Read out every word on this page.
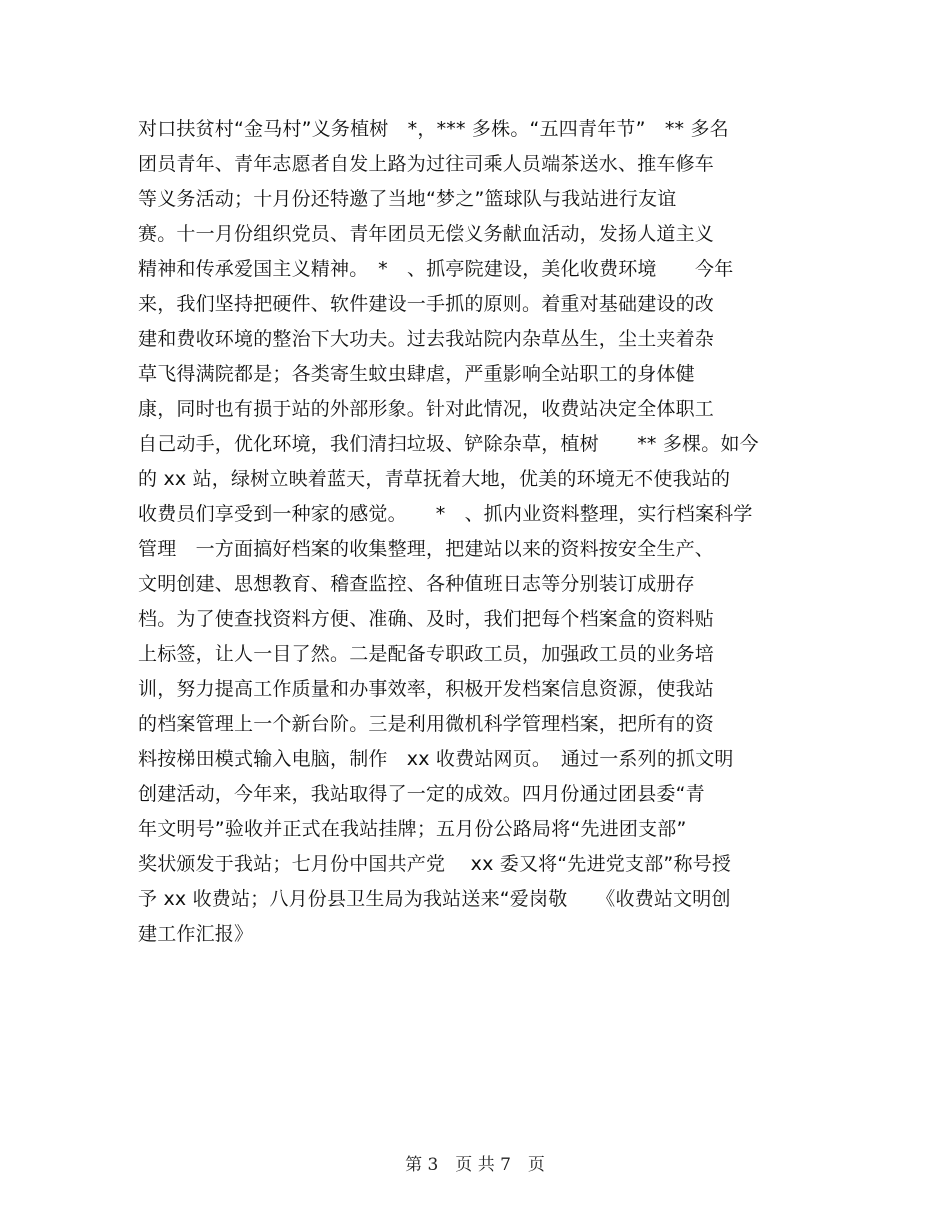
对口扶贫村“金马村”义务植树　*，*** 多株。“五四青年节”　** 多名
团员青年、青年志愿者自发上路为过往司乘人员端茶送水、推车修车
等义务活动；十月份还特邀了当地“梦之”篮球队与我站进行友谊
赛。十一月份组织党员、青年团员无偿义务献血活动，发扬人道主义
精神和传承爱国主义精神。　*　、抓亭院建设，美化收费环境　　今年
来，我们坚持把硬件、软件建设一手抓的原则。着重对基础建设的改
建和费收环境的整治下大功夫。过去我站院内杂草丛生，尘土夹着杂
草飞得满院都是；各类寄生蚊虫肆虐，严重影响全站职工的身体健
康，同时也有损于站的外部形象。针对此情况，收费站决定全体职工
自己动手，优化环境，我们清扫垃圾、铲除杂草，植树　　** 多棵。如今
的 xx 站，绿树立映着蓝天，青草抚着大地，优美的环境无不使我站的
收费员们享受到一种家的感觉。　　*　、抓内业资料整理，实行档案科学
管理　一方面搞好档案的收集整理，把建站以来的资料按安全生产、
文明创建、思想教育、稽查监控、各种值班日志等分别装订成册存
档。为了使查找资料方便、准确、及时，我们把每个档案盒的资料贴
上标签，让人一目了然。二是配备专职政工员，加强政工员的业务培
训，努力提高工作质量和办事效率，积极开发档案信息资源，使我站
的档案管理上一个新台阶。三是利用微机科学管理档案，把所有的资
料按梯田模式输入电脑，制作　xx 收费站网页。　通过一系列的抓文明
创建活动，今年来，我站取得了一定的成效。四月份通过团县委“青
年文明号”验收并正式在我站挂牌；五月份公路局将“先进团支部”
奖状颁发于我站；七月份中国共产党　 xx 委又将“先进党支部”称号授
予 xx 收费站；八月份县卫生局为我站送来“爱岗敬　　《收费站文明创
建工作汇报》
第 3　页 共 7　页
